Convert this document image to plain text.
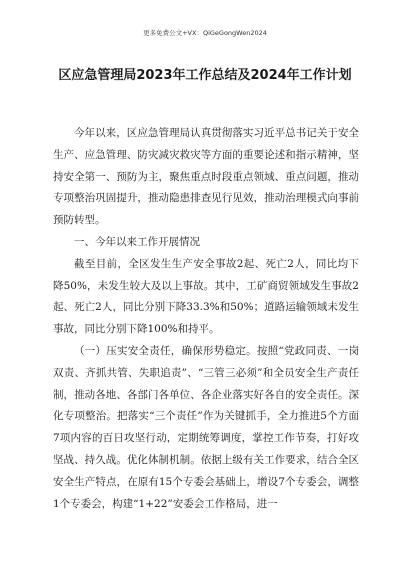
更多免费公文+VX：QiGeGongWen2024
区应急管理局2023年工作总结及2024年工作计划

今年以来，区应急管理局认真贯彻落实习近平总书记关于安全生产、应急管理、防灾减灾救灾等方面的重要论述和指示精神，坚持安全第一、预防为主，聚焦重点时段重点领域、重点问题，推动专项整治巩固提升，推动隐患排查见行见效，推动治理模式向事前预防转型。

一、今年以来工作开展情况

截至目前，全区发生生产安全事故2起、死亡2人，同比均下降50%，未发生较大及以上事故。其中，工矿商贸领域发生事故2起、死亡2人，同比分别下降33.3%和50%；道路运输领域未发生事故，同比分别下降100%和持平。

（一）压实安全责任，确保形势稳定。按照“党政同责、一岗双责、齐抓共管、失职追责”、“三管三必须”和全员安全生产责任制，推动各地、各部门各单位、各企业落实好各自的安全责任。深化专项整治。把落实“三个责任”作为关键抓手，全力推进5个方面7项内容的百日攻坚行动，定期统筹调度，掌控工作节奏，打好攻坚战、持久战。优化体制机制。依据上级有关工作要求，结合全区安全生产特点，在原有15个专委会基础上，增设7个专委会，调整1个专委会，构建“1+22”安委会工作格局，进一
